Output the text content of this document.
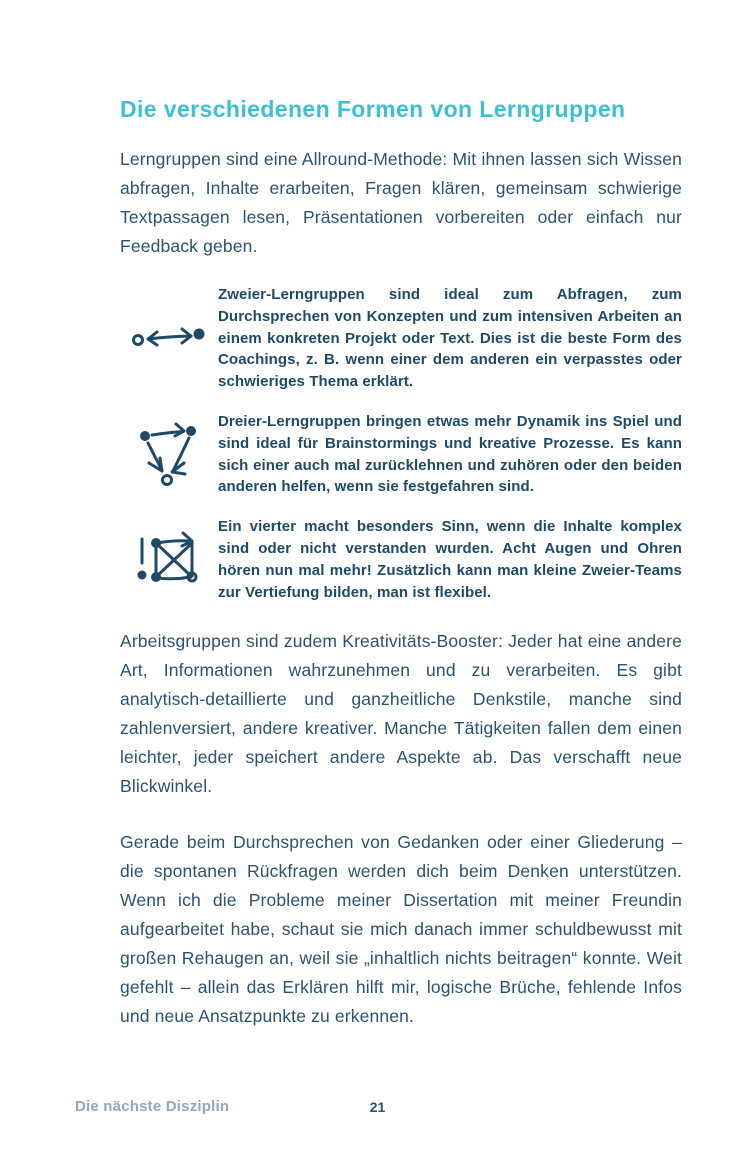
Die verschiedenen Formen von Lerngruppen

Lerngruppen sind eine Allround-Methode: Mit ihnen lassen sich Wissen abfragen, Inhalte erarbeiten, Fragen klären, gemeinsam schwierige Textpassagen lesen, Präsentationen vorbereiten oder einfach nur Feedback geben.

Zweier-Lerngruppen sind ideal zum Abfragen, zum Durchsprechen von Konzepten und zum intensiven Arbeiten an einem konkreten Projekt oder Text. Dies ist die beste Form des Coachings, z. B. wenn einer dem anderen ein verpasstes oder schwieriges Thema erklärt.

Dreier-Lerngruppen bringen etwas mehr Dynamik ins Spiel und sind ideal für Brainstormings und kreative Prozesse. Es kann sich einer auch mal zurücklehnen und zuhören oder den beiden anderen helfen, wenn sie festgefahren sind.

Ein vierter macht besonders Sinn, wenn die Inhalte komplex sind oder nicht verstanden wurden. Acht Augen und Ohren hören nun mal mehr! Zusätzlich kann man kleine Zweier-Teams zur Vertiefung bilden, man ist flexibel.

Arbeitsgruppen sind zudem Kreativitäts-Booster: Jeder hat eine andere Art, Informationen wahrzunehmen und zu verarbeiten. Es gibt analytisch-detaillierte und ganzheitliche Denkstile, manche sind zahlenversiert, andere kreativer. Manche Tätigkeiten fallen dem einen leichter, jeder speichert andere Aspekte ab. Das verschafft neue Blickwinkel.

Gerade beim Durchsprechen von Gedanken oder einer Gliederung – die spontanen Rückfragen werden dich beim Denken unterstützen. Wenn ich die Probleme meiner Dissertation mit meiner Freundin aufgearbeitet habe, schaut sie mich danach immer schuldbewusst mit großen Rehaugen an, weil sie „inhaltlich nichts beitragen“ konnte. Weit gefehlt – allein das Erklären hilft mir, logische Brüche, fehlende Infos und neue Ansatzpunkte zu erkennen.

Die nächste Disziplin	21
